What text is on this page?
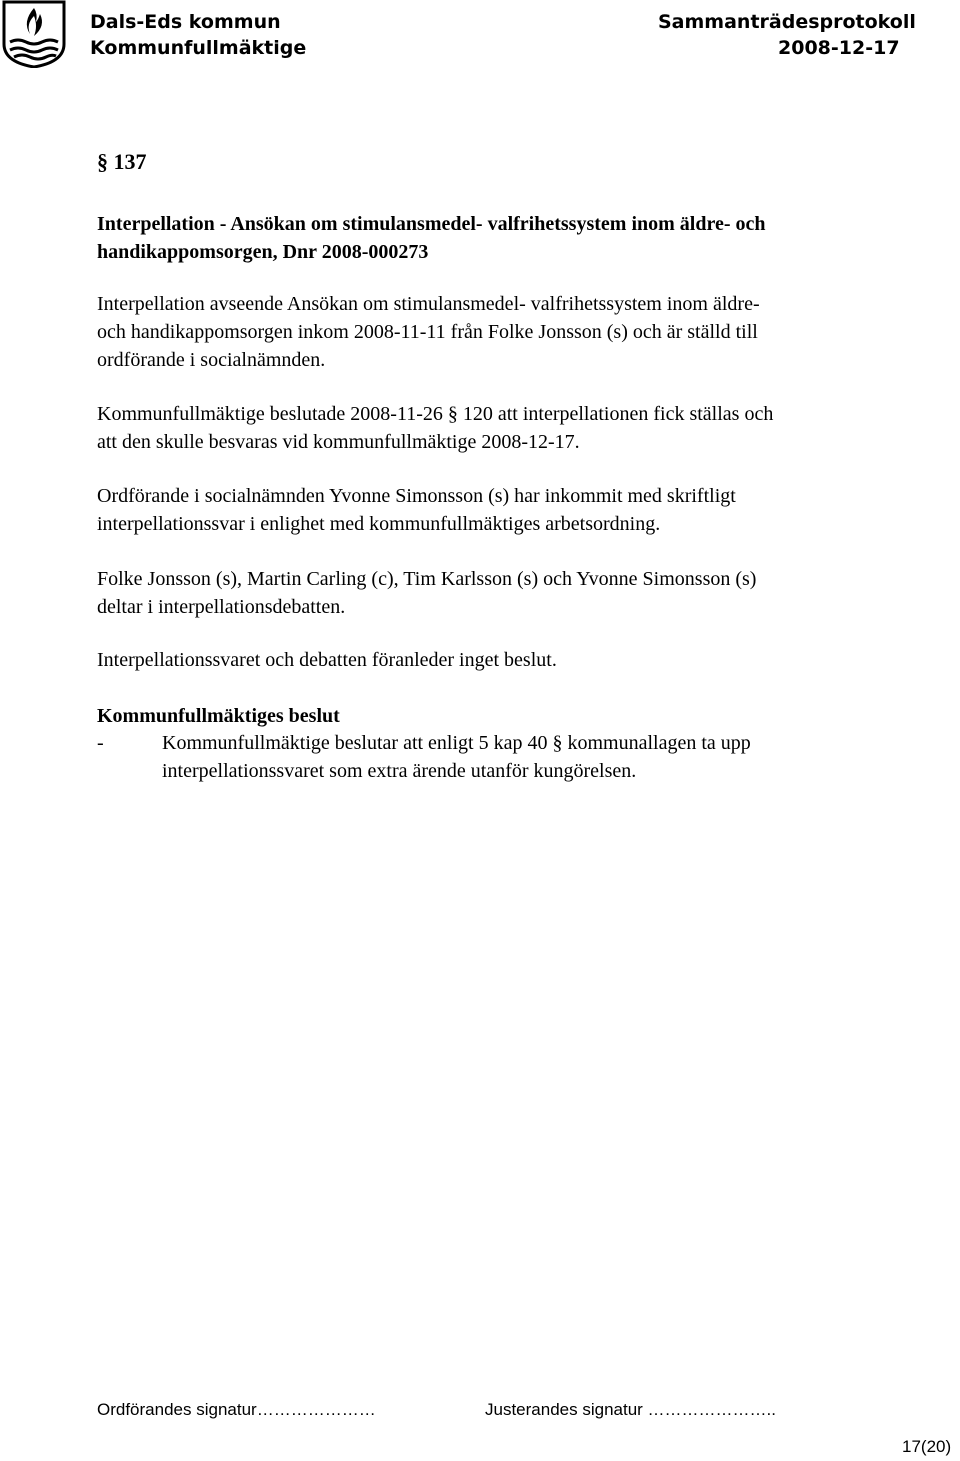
Dals-Eds kommun
Kommunfullmäktige
Sammanträdesprotokoll
2008-12-17
§ 137
Interpellation - Ansökan om stimulansmedel- valfrihetssystem inom äldre- och
handikappomsorgen, Dnr 2008-000273

Interpellation avseende Ansökan om stimulansmedel- valfrihetssystem inom äldre-

och handikappomsorgen inkom 2008-11-11 från Folke Jonsson (s) och är ställd till

ordförande i socialnämnden.

Kommunfullmäktige beslutade 2008-11-26 § 120 att interpellationen fick ställas och

att den skulle besvaras vid kommunfullmäktige 2008-12-17.

Ordförande i socialnämnden Yvonne Simonsson (s) har inkommit med skriftligt

interpellationssvar i enlighet med kommunfullmäktiges arbetsordning.

Folke Jonsson (s), Martin Carling (c), Tim Karlsson (s) och Yvonne Simonsson (s)

deltar i interpellationsdebatten.

Interpellationssvaret och debatten föranleder inget beslut.

Kommunfullmäktiges beslut
-	Kommunfullmäktige beslutar att enligt 5 kap 40 § kommunallagen ta upp
interpellationssvaret som extra ärende utanför kungörelsen.
Ordförandes signatur…………………	Justerandes signatur …………………..
17(20)
